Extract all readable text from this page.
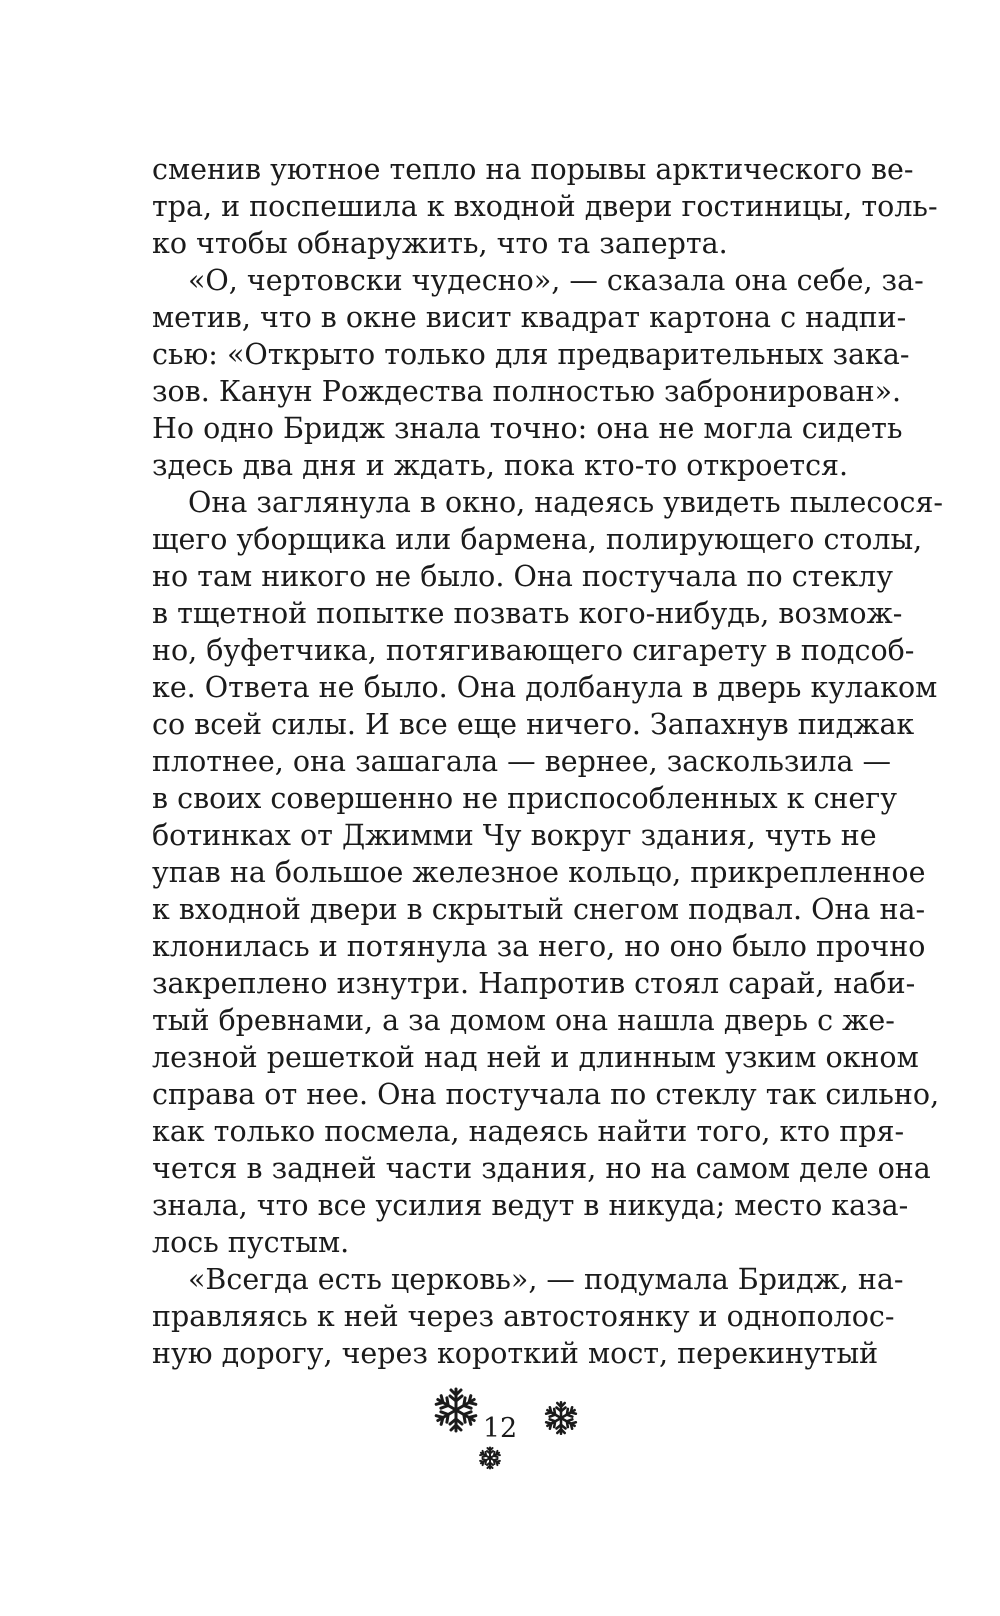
сменив уютное тепло на порывы арктического ве-
тра, и поспешила к входной двери гостиницы, толь-
ко чтобы обнаружить, что та заперта.
«О, чертовски чудесно», — сказала она себе, за-
метив, что в окне висит квадрат картона с надпи-
сью: «Открыто только для предварительных зака-
зов. Канун Рождества полностью забронирован».
Но одно Бридж знала точно: она не могла сидеть
здесь два дня и ждать, пока кто-то откроется.
Она заглянула в окно, надеясь увидеть пылесося-
щего уборщика или бармена, полирующего столы,
но там никого не было. Она постучала по стеклу
в тщетной попытке позвать кого-нибудь, возмож-
но, буфетчика, потягивающего сигарету в подсоб-
ке. Ответа не было. Она долбанула в дверь кулаком
со всей силы. И все еще ничего. Запахнув пиджак
плотнее, она зашагала — вернее, заскользила —
в своих совершенно не приспособленных к снегу
ботинках от Джимми Чу вокруг здания, чуть не
упав на большое железное кольцо, прикрепленное
к входной двери в скрытый снегом подвал. Она на-
клонилась и потянула за него, но оно было прочно
закреплено изнутри. Напротив стоял сарай, наби-
тый бревнами, а за домом она нашла дверь с же-
лезной решеткой над ней и длинным узким окном
справа от нее. Она постучала по стеклу так сильно,
как только посмела, надеясь найти того, кто пря-
чется в задней части здания, но на самом деле она
знала, что все усилия ведут в никуда; место каза-
лось пустым.
«Всегда есть церковь», — подумала Бридж, на-
правляясь к ней через автостоянку и однополос-
ную дорогу, через короткий мост, перекинутый
12
